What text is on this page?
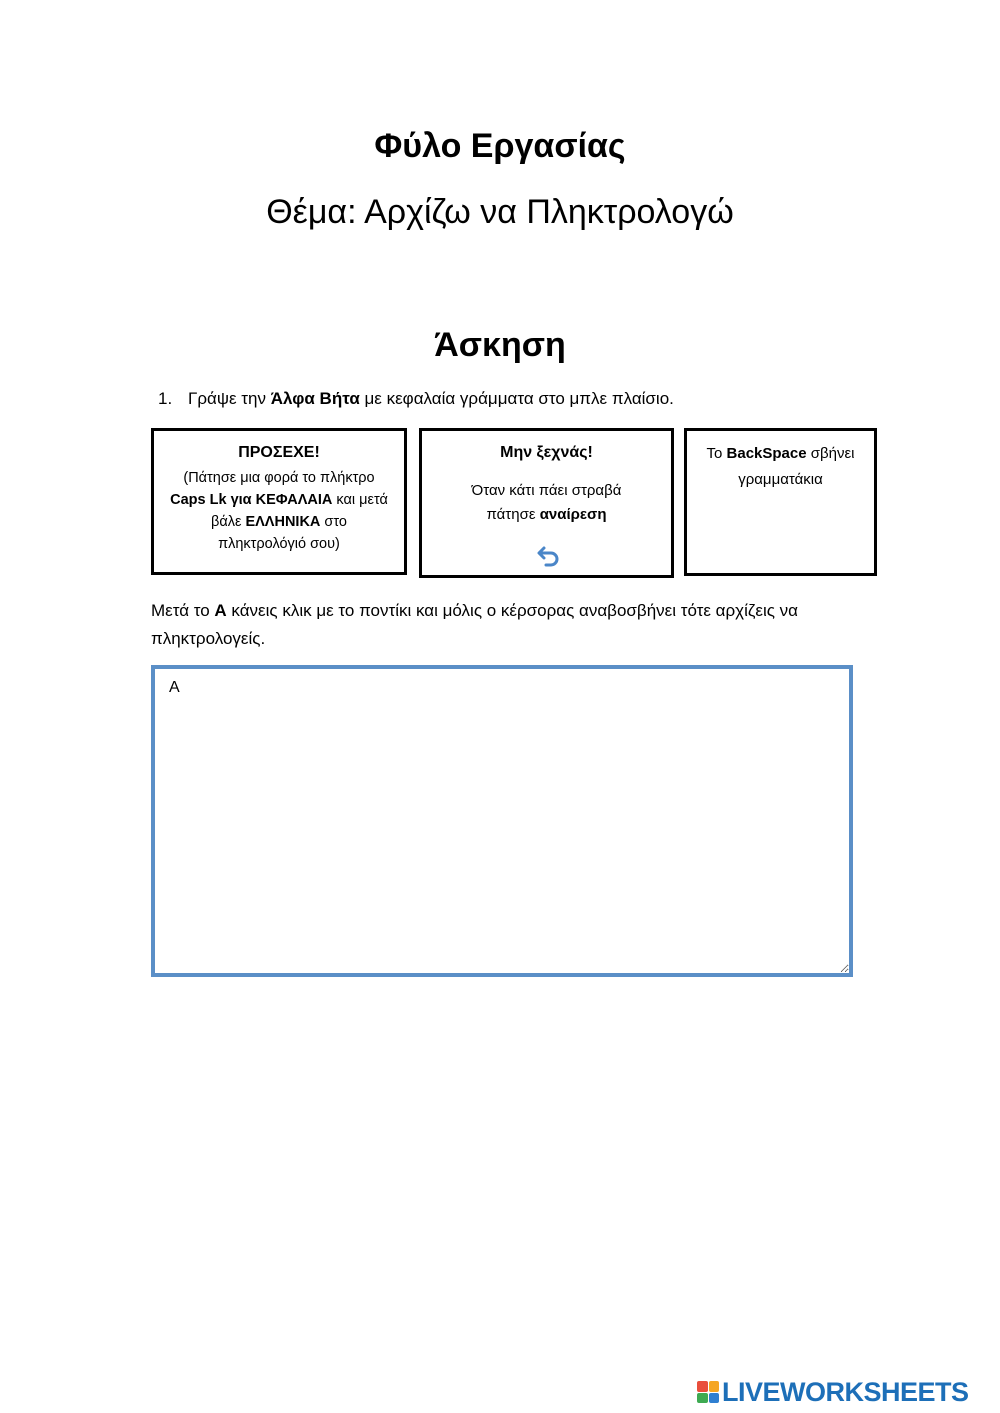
Φύλο Εργασίας
Θέμα: Αρχίζω να Πληκτρολογώ
Άσκηση
1. Γράψε την Άλφα Βήτα με κεφαλαία γράμματα στο μπλε πλαίσιο.
ΠΡΟΣΕΧΕ!
(Πάτησε μια φορά το πλήκτρο
Caps Lk για ΚΕΦΑΛΑΙΑ και μετά
βάλε ΕΛΛΗΝΙΚΑ στο
πληκτρολόγιό σου)
Μην ξεχνάς!
Όταν κάτι πάει στραβά
πάτησε αναίρεση
Το BackSpace σβήνει
γραμματάκια
Μετά το Α κάνεις κλικ με το ποντίκι και μόλις ο κέρσορας αναβοσβήνει τότε αρχίζεις να πληκτρολογείς.
Α
LIVEWORKSHEETS
